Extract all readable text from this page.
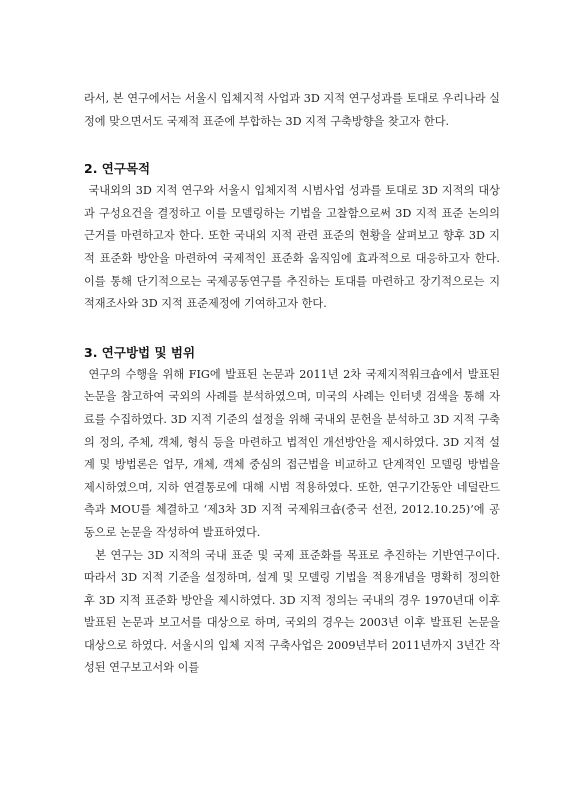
라서, 본 연구에서는 서울시 입체지적 사업과 3D 지적 연구성과를 토대로 우리나라 실정에 맞으면서도 국제적 표준에 부합하는 3D 지적 구축방향을 찾고자 한다.

2. 연구목적

국내외의 3D 지적 연구와 서울시 입체지적 시범사업 성과를 토대로 3D 지적의 대상과 구성요건을 결정하고 이를 모델링하는 기법을 고찰함으로써 3D 지적 표준 논의의 근거를 마련하고자 한다. 또한 국내외 지적 관련 표준의 현황을 살펴보고 향후 3D 지적 표준화 방안을 마련하여 국제적인 표준화 움직임에 효과적으로 대응하고자 한다. 이를 통해 단기적으로는 국제공동연구를 추진하는 토대를 마련하고 장기적으로는 지적재조사와 3D 지적 표준제정에 기여하고자 한다.

3. 연구방법 및 범위

연구의 수행을 위해 FIG에 발표된 논문과 2011년 2차 국제지적워크숍에서 발표된 논문을 참고하여 국외의 사례를 분석하였으며, 미국의 사례는 인터넷 검색을 통해 자료를 수집하였다. 3D 지적 기준의 설정을 위해 국내외 문헌을 분석하고 3D 지적 구축의 정의, 주체, 객체, 형식 등을 마련하고 법적인 개선방안을 제시하였다. 3D 지적 설계 및 방법론은 업무, 개체, 객체 중심의 접근법을 비교하고 단계적인 모델링 방법을 제시하였으며, 지하 연결통로에 대해 시범 적용하였다. 또한, 연구기간동안 네덜란드 측과 MOU를 체결하고 ‘제3차 3D 지적 국제워크숍(중국 선전, 2012.10.25)’에 공동으로 논문을 작성하여 발표하였다.

본 연구는 3D 지적의 국내 표준 및 국제 표준화를 목표로 추진하는 기반연구이다. 따라서 3D 지적 기준을 설정하며, 설계 및 모델링 기법을 적용개념을 명확히 정의한 후 3D 지적 표준화 방안을 제시하였다. 3D 지적 정의는 국내의 경우 1970년대 이후 발표된 논문과 보고서를 대상으로 하며, 국외의 경우는 2003년 이후 발표된 논문을 대상으로 하였다. 서울시의 입체 지적 구축사업은 2009년부터 2011년까지 3년간 작성된 연구보고서와 이를
